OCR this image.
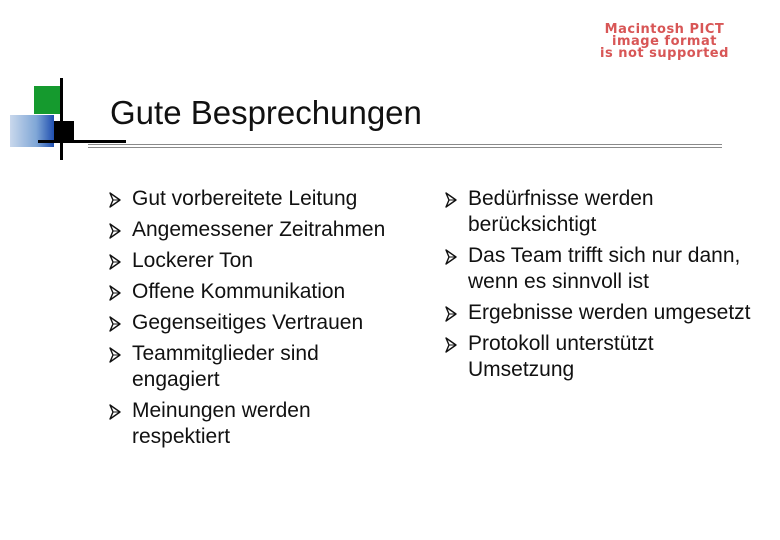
Macintosh PICT
image format
is not supported
Gute Besprechungen
Gut vorbereitete Leitung
Angemessener Zeitrahmen
Lockerer Ton
Offene Kommunikation
Gegenseitiges Vertrauen
Teammitglieder sind engagiert
Meinungen werden respektiert
Bedürfnisse werden berücksichtigt
Das Team trifft sich nur dann, wenn es sinnvoll ist
Ergebnisse werden umgesetzt
Protokoll unterstützt Umsetzung
